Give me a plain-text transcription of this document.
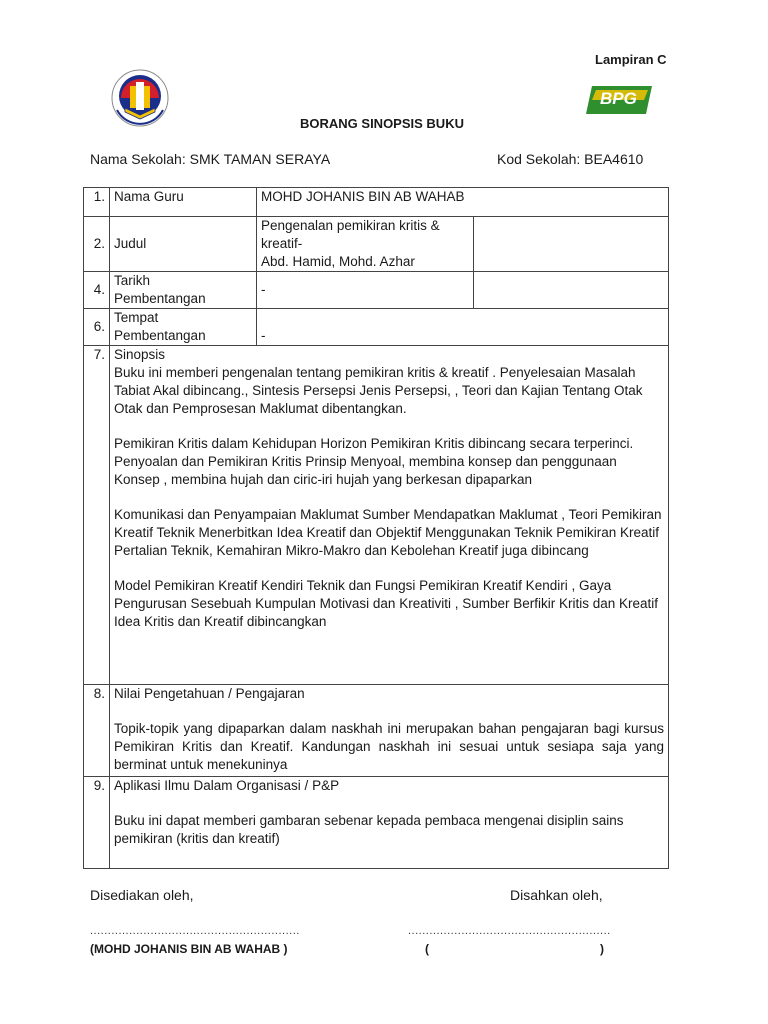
Lampiran C
BPG
BORANG SINOPSIS BUKU
Nama Sekolah: SMK TAMAN SERAYA	Kod Sekolah: BEA4610
1.	Nama Guru	MOHD JOHANIS BIN AB WAHAB	
2.	Judul	Pengenalan pemikiran kritis &
kreatif-
Abd. Hamid, Mohd. Azhar	

4.	Tarikh
Pembentangan	-	
6.	Tempat
Pembentangan	-	
7.	Sinopsis
Buku ini memberi pengenalan tentang pemikiran kritis & kreatif . Penyelesaian Masalah Tabiat Akal dibincang., Sintesis Persepsi Jenis Persepsi, , Teori dan Kajian Tentang Otak Otak dan Pemprosesan Maklumat dibentangkan.
Pemikiran Kritis dalam Kehidupan Horizon Pemikiran Kritis dibincang secara terperinci. Penyoalan dan Pemikiran Kritis Prinsip Menyoal, membina konsep dan penggunaan Konsep , membina hujah dan ciric-iri hujah yang berkesan dipaparkan
Komunikasi dan Penyampaian Maklumat Sumber Mendapatkan Maklumat , Teori Pemikiran Kreatif Teknik Menerbitkan Idea Kreatif dan Objektif Menggunakan Teknik Pemikiran Kreatif Pertalian Teknik, Kemahiran Mikro-Makro dan Kebolehan Kreatif juga dibincang
Model Pemikiran Kreatif Kendiri Teknik dan Fungsi Pemikiran Kreatif Kendiri , Gaya Pengurusan Sesebuah Kumpulan Motivasi dan Kreativiti , Sumber Berfikir Kritis dan Kreatif Idea Kritis dan Kreatif dibincangkan		

8.	Nilai Pengetahuan / Pengajaran
Topik-topik yang dipaparkan dalam naskhah ini merupakan bahan pengajaran bagi kursus Pemikiran Kritis dan Kreatif. Kandungan naskhah ini sesuai untuk sesiapa saja yang berminat untuk menekuninya		

9.	Aplikasi Ilmu Dalam Organisasi / P&P
Buku ini dapat memberi gambaran sebenar kepada pembaca mengenai disiplin sains pemikiran (kritis dan kreatif)		
Disediakan oleh,	Disahkan oleh,
...........................................................	.........................................................
(MOHD JOHANIS BIN AB WAHAB )	(	)
